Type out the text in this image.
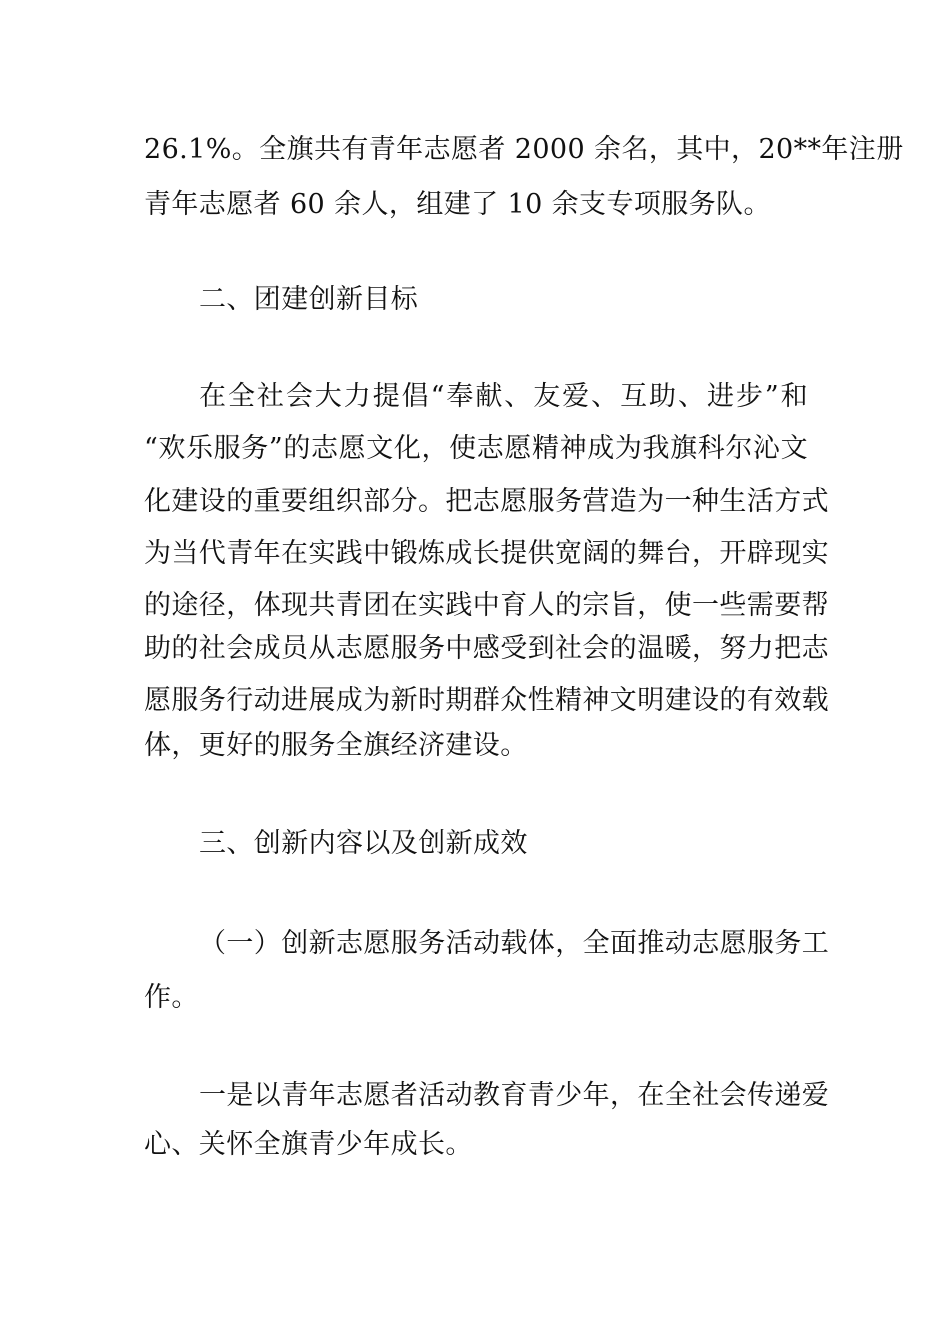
26.1%。全旗共有青年志愿者 2000 余名，其中，20**年注册
青年志愿者 60 余人，组建了 10 余支专项服务队。
二、团建创新目标
在全社会大力提倡“奉献、友爱、互助、进步”和
“欢乐服务”的志愿文化，使志愿精神成为我旗科尔沁文
化建设的重要组织部分。把志愿服务营造为一种生活方式
为当代青年在实践中锻炼成长提供宽阔的舞台，开辟现实
的途径，体现共青团在实践中育人的宗旨，使一些需要帮
助的社会成员从志愿服务中感受到社会的温暖，努力把志
愿服务行动进展成为新时期群众性精神文明建设的有效载
体，更好的服务全旗经济建设。
三、创新内容以及创新成效
（一）创新志愿服务活动载体，全面推动志愿服务工
作。
一是以青年志愿者活动教育青少年，在全社会传递爱
心、关怀全旗青少年成长。
